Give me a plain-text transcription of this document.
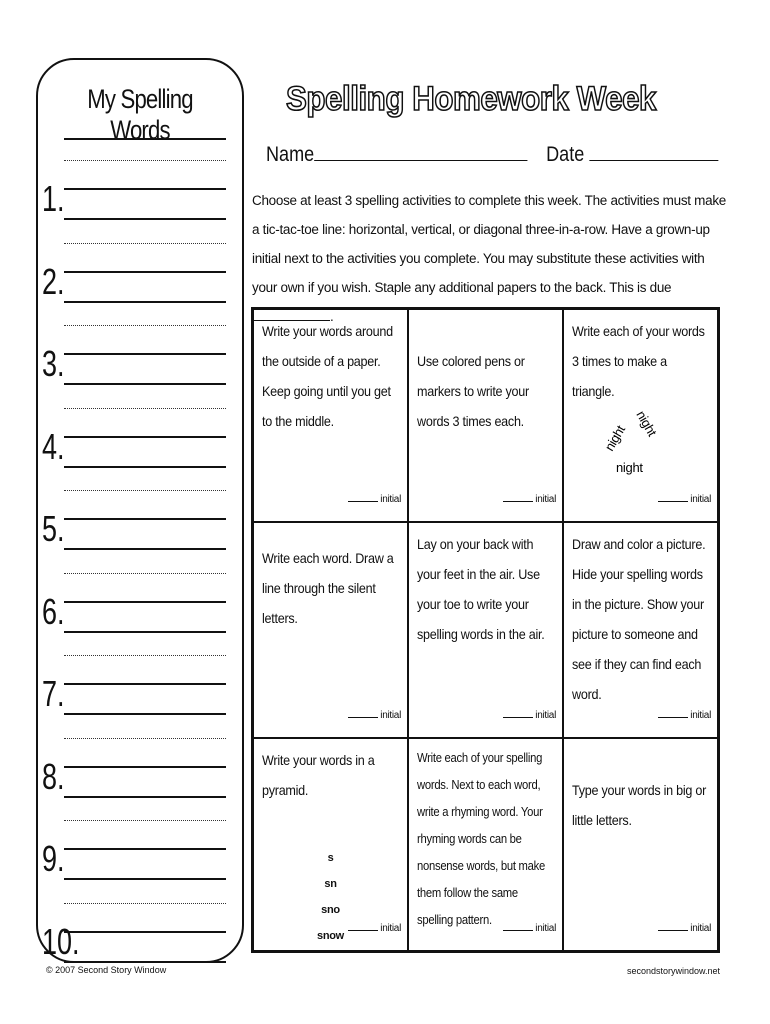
My Spelling Words
1.
2.
3.
4.
5.
6.
7.
8.
9.
10.
Spelling Homework Week
Name	Date
Choose at least 3 spelling activities to complete this week. The activities must make a tic-tac-toe line: horizontal, vertical, or diagonal three-in-a-row. Have a grown-up initial next to the activities you complete. You may substitute these activities with your own if you wish. Staple any additional papers to the back. This is due .
Write your words around the outside of a paper. Keep going until you get to the middle.
initial
Use colored pens or markers to write your words 3 times each.
initial
Write each of your words 3 times to make a triangle.
night night
night
initial
Write each word. Draw a line through the silent letters.
initial
Lay on your back with your feet in the air. Use your toe to write your spelling words in the air.
initial
Draw and color a picture. Hide your spelling words in the picture. Show your picture to someone and see if they can find each word.
initial
Write your words in a pyramid.
s
sn
sno
snow
initial
Write each of your spelling words. Next to each word, write a rhyming word. Your rhyming words can be nonsense words, but make them follow the same spelling pattern.
initial
Type your words in big or little letters.
initial
© 2007 Second Story Window	secondstorywindow.net
